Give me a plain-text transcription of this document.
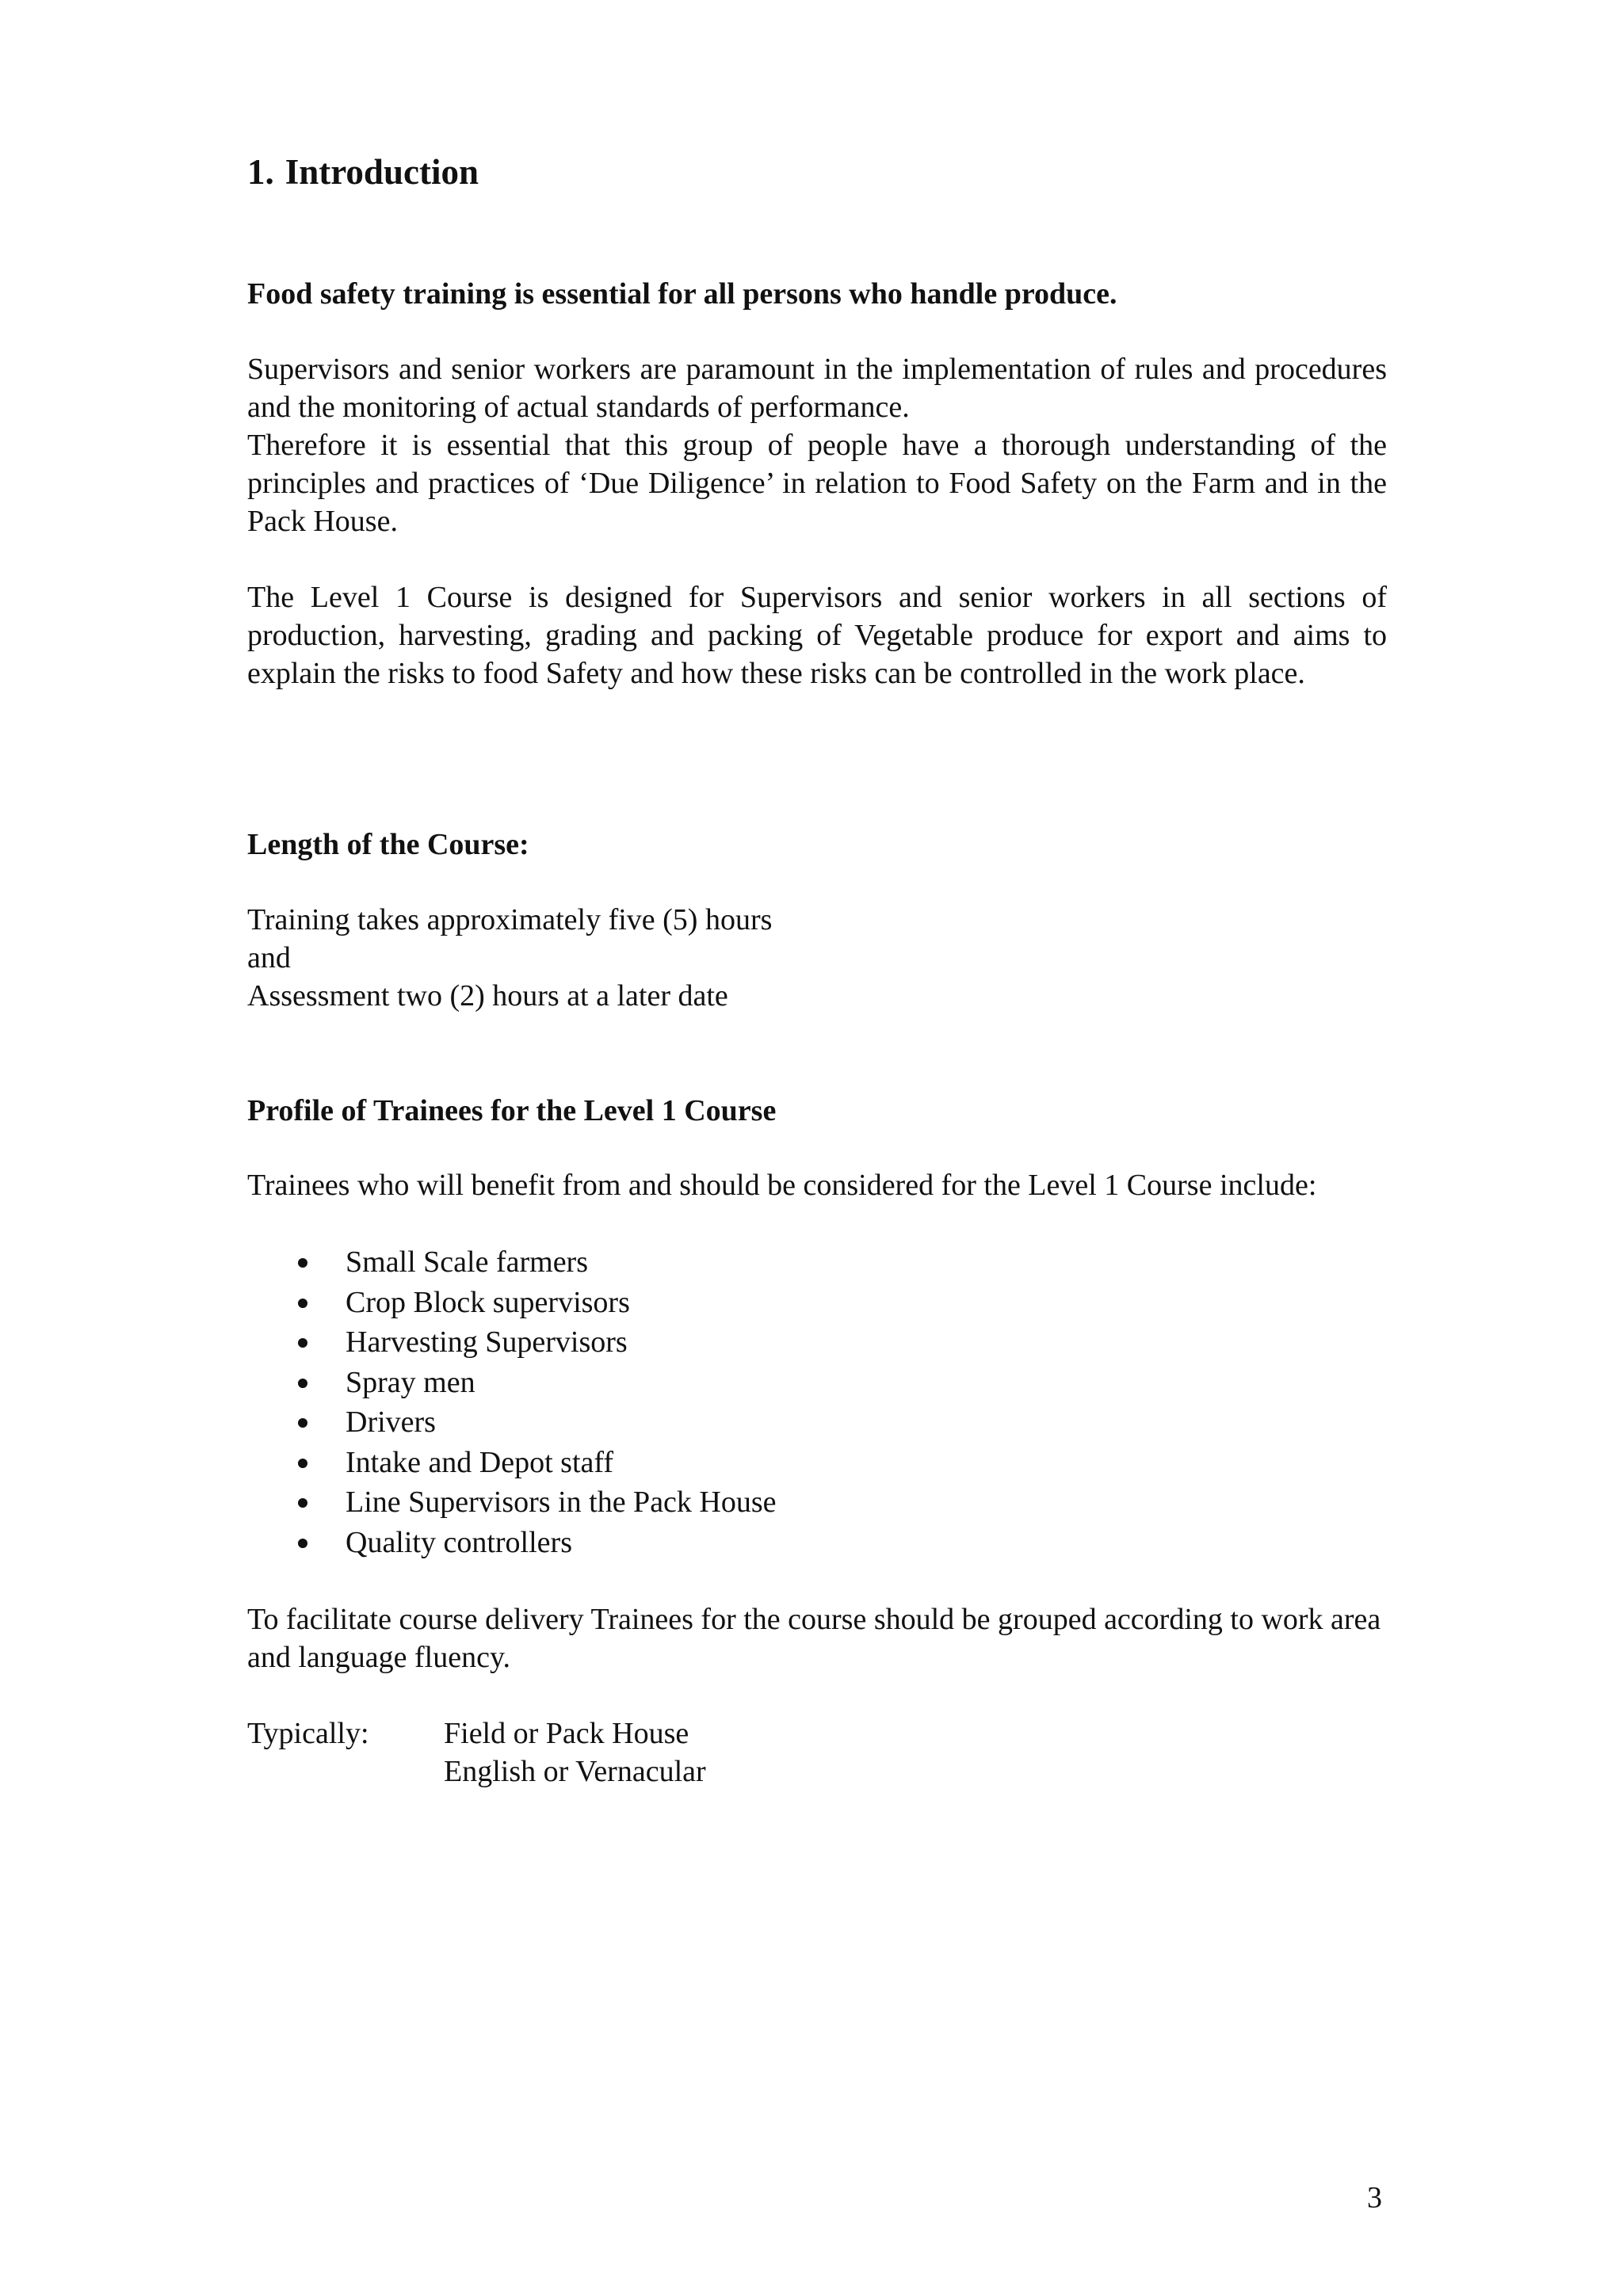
1. Introduction

Food safety training is essential for all persons who handle produce.

Supervisors and senior workers are paramount in the implementation of rules and procedures and the monitoring of actual standards of performance.

Therefore it is essential that this group of people have a thorough understanding of the principles and practices of ‘Due Diligence’ in relation to Food Safety on the Farm and in the Pack House.

The Level 1 Course is designed for Supervisors and senior workers in all sections of production, harvesting, grading and packing of Vegetable produce for export and aims to explain the risks to food Safety and how these risks can be controlled in the work place.

Length of the Course:

Training takes approximately five (5) hours

and

Assessment two (2) hours at a later date

Profile of Trainees for the Level 1 Course

Trainees who will benefit from and should be considered for the Level 1 Course include:

Small Scale farmers
Crop Block supervisors
Harvesting Supervisors
Spray men
Drivers
Intake and Depot staff
Line Supervisors in the Pack House
Quality controllers

To facilitate course delivery Trainees for the course should be grouped according to work area and language fluency.

Typically:	Field or Pack House
English or Vernacular
3
